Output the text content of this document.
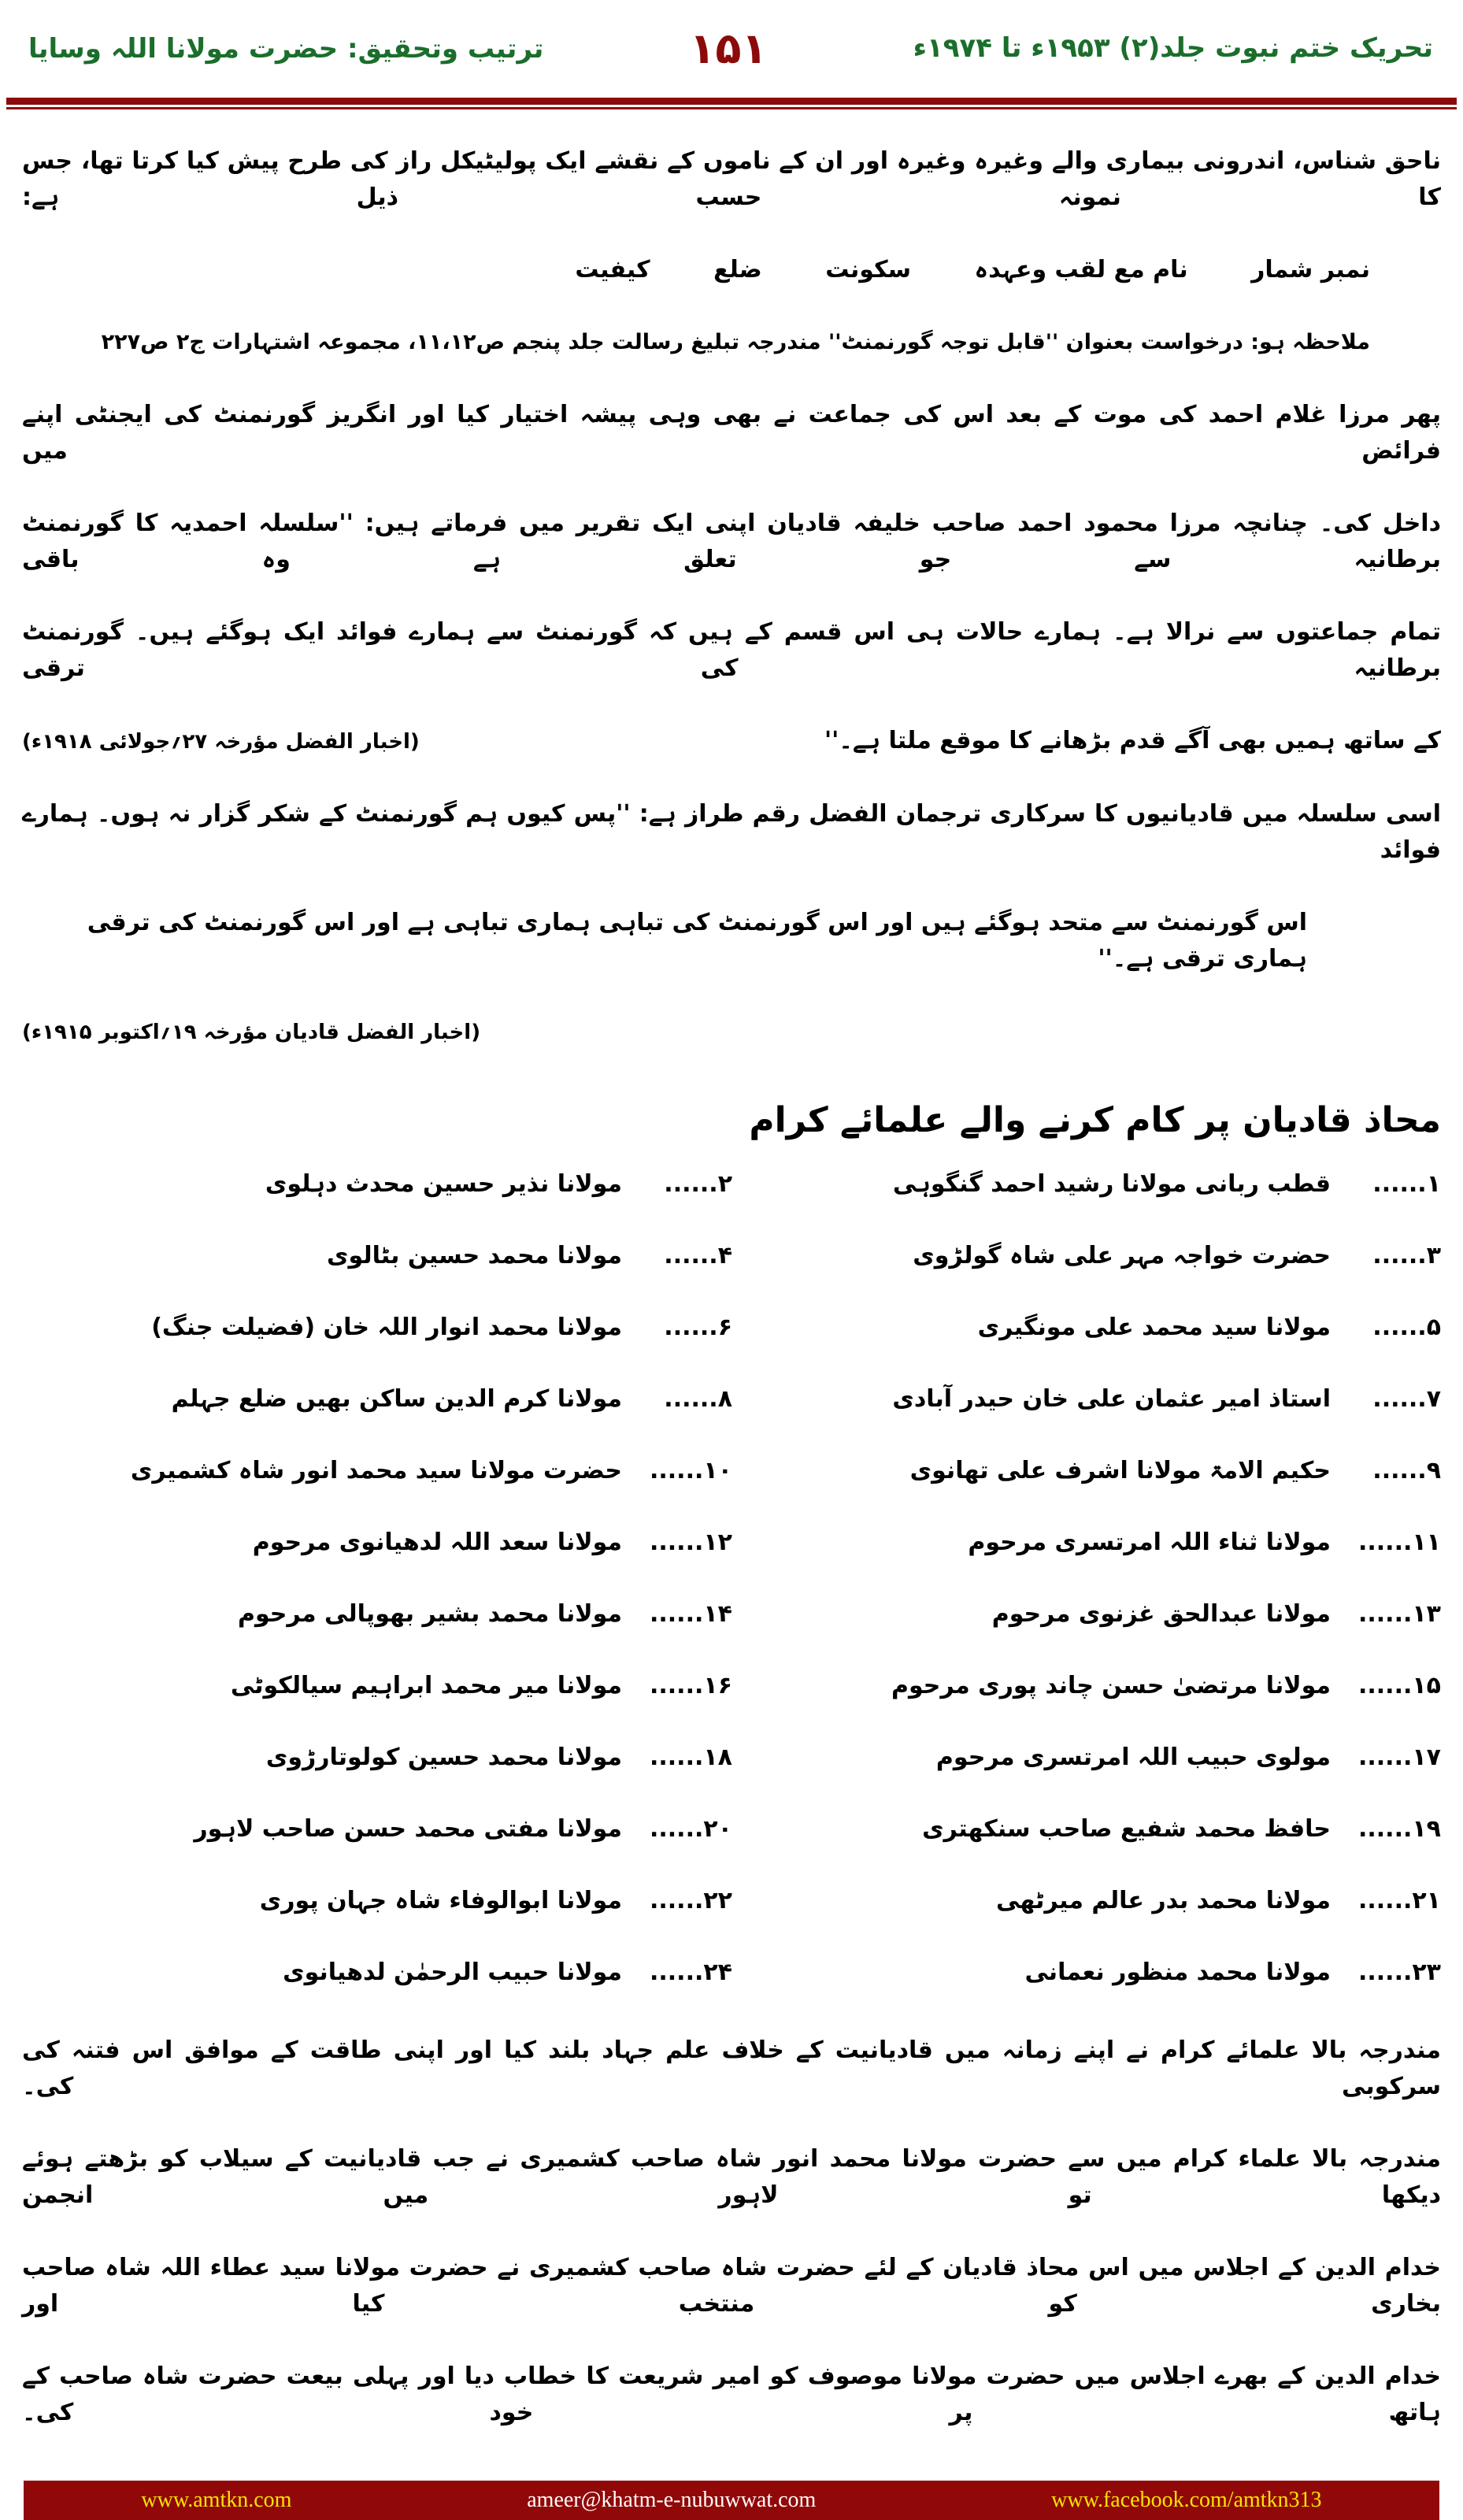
تحریک ختم نبوت جلد(۲) ۱۹۵۳ء تا ۱۹۷۴ء
۱۵۱
ترتیب وتحقیق: حضرت مولانا اللہ وسایا
ناحق شناس، اندرونی بیماری والے وغیرہ وغیرہ اور ان کے ناموں کے نقشے ایک پولیٹیکل راز کی طرح پیش کیا کرتا تھا، جس کا نمونہ حسب ذیل ہے:
نمبر شمار نام مع لقب وعہدہ سکونت ضلع کیفیت
ملاحظہ ہو: درخواست بعنوان ''قابل توجہ گورنمنٹ'' مندرجہ تبلیغ رسالت جلد پنجم ص۱۱،۱۲، مجموعہ اشتہارات ج۲ ص۲۲۷
پھر مرزا غلام احمد کی موت کے بعد اس کی جماعت نے بھی وہی پیشہ اختیار کیا اور انگریز گورنمنٹ کی ایجنٹی اپنے فرائض میں
داخل کی۔ چنانچہ مرزا محمود احمد صاحب خلیفہ قادیان اپنی ایک تقریر میں فرماتے ہیں: ''سلسلہ احمدیہ کا گورنمنٹ برطانیہ سے جو تعلق ہے وہ باقی
تمام جماعتوں سے نرالا ہے۔ ہمارے حالات ہی اس قسم کے ہیں کہ گورنمنٹ سے ہمارے فوائد ایک ہوگئے ہیں۔ گورنمنٹ برطانیہ کی ترقی
کے ساتھ ہمیں بھی آگے قدم بڑھانے کا موقع ملتا ہے۔''
(اخبار الفضل مؤرخہ ۲۷؍جولائی ۱۹۱۸ء)
اسی سلسلہ میں قادیانیوں کا سرکاری ترجمان الفضل رقم طراز ہے: ''پس کیوں ہم گورنمنٹ کے شکر گزار نہ ہوں۔ ہمارے فوائد
اس گورنمنٹ سے متحد ہوگئے ہیں اور اس گورنمنٹ کی تباہی ہماری تباہی ہے اور اس گورنمنٹ کی ترقی ہماری ترقی ہے۔''
(اخبار الفضل قادیان مؤرخہ ۱۹؍اکتوبر ۱۹۱۵ء)
محاذ قادیان پر کام کرنے والے علمائے کرام
۱......
قطب ربانی مولانا رشید احمد گنگوہی
۲......
مولانا نذیر حسین محدث دہلوی
۳......
حضرت خواجہ مہر علی شاہ گولڑوی
۴......
مولانا محمد حسین بٹالوی
۵......
مولانا سید محمد علی مونگیری
۶......
مولانا محمد انوار اللہ خان (فضیلت جنگ)
۷......
استاذ امیر عثمان علی خان حیدر آبادی
۸......
مولانا کرم الدین ساکن بھیں ضلع جہلم
۹......
حکیم الامۃ مولانا اشرف علی تھانوی
۱۰......
حضرت مولانا سید محمد انور شاہ کشمیری
۱۱......
مولانا ثناء اللہ امرتسری مرحوم
۱۲......
مولانا سعد اللہ لدھیانوی مرحوم
۱۳......
مولانا عبدالحق غزنوی مرحوم
۱۴......
مولانا محمد بشیر بھوپالی مرحوم
۱۵......
مولانا مرتضیٰ حسن چاند پوری مرحوم
۱۶......
مولانا میر محمد ابراہیم سیالکوٹی
۱۷......
مولوی حبیب اللہ امرتسری مرحوم
۱۸......
مولانا محمد حسین کولوتارڑوی
۱۹......
حافظ محمد شفیع صاحب سنکھتری
۲۰......
مولانا مفتی محمد حسن صاحب لاہور
۲۱......
مولانا محمد بدر عالم میرٹھی
۲۲......
مولانا ابوالوفاء شاہ جہان پوری
۲۳......
مولانا محمد منظور نعمانی
۲۴......
مولانا حبیب الرحمٰن لدھیانوی
مندرجہ بالا علمائے کرام نے اپنے زمانہ میں قادیانیت کے خلاف علم جہاد بلند کیا اور اپنی طاقت کے موافق اس فتنہ کی سرکوبی کی۔
مندرجہ بالا علماء کرام میں سے حضرت مولانا محمد انور شاہ صاحب کشمیری نے جب قادیانیت کے سیلاب کو بڑھتے ہوئے دیکھا تو لاہور میں انجمن
خدام الدین کے اجلاس میں اس محاذ قادیان کے لئے حضرت شاہ صاحب کشمیری نے حضرت مولانا سید عطاء اللہ شاہ صاحب بخاری کو منتخب کیا اور
خدام الدین کے بھرے اجلاس میں حضرت مولانا موصوف کو امیر شریعت کا خطاب دیا اور پہلی بیعت حضرت شاہ صاحب کے ہاتھ پر خود کی۔
www.amtkn.com	ameer@khatm-e-nubuwwat.com	www.facebook.com/amtkn313
